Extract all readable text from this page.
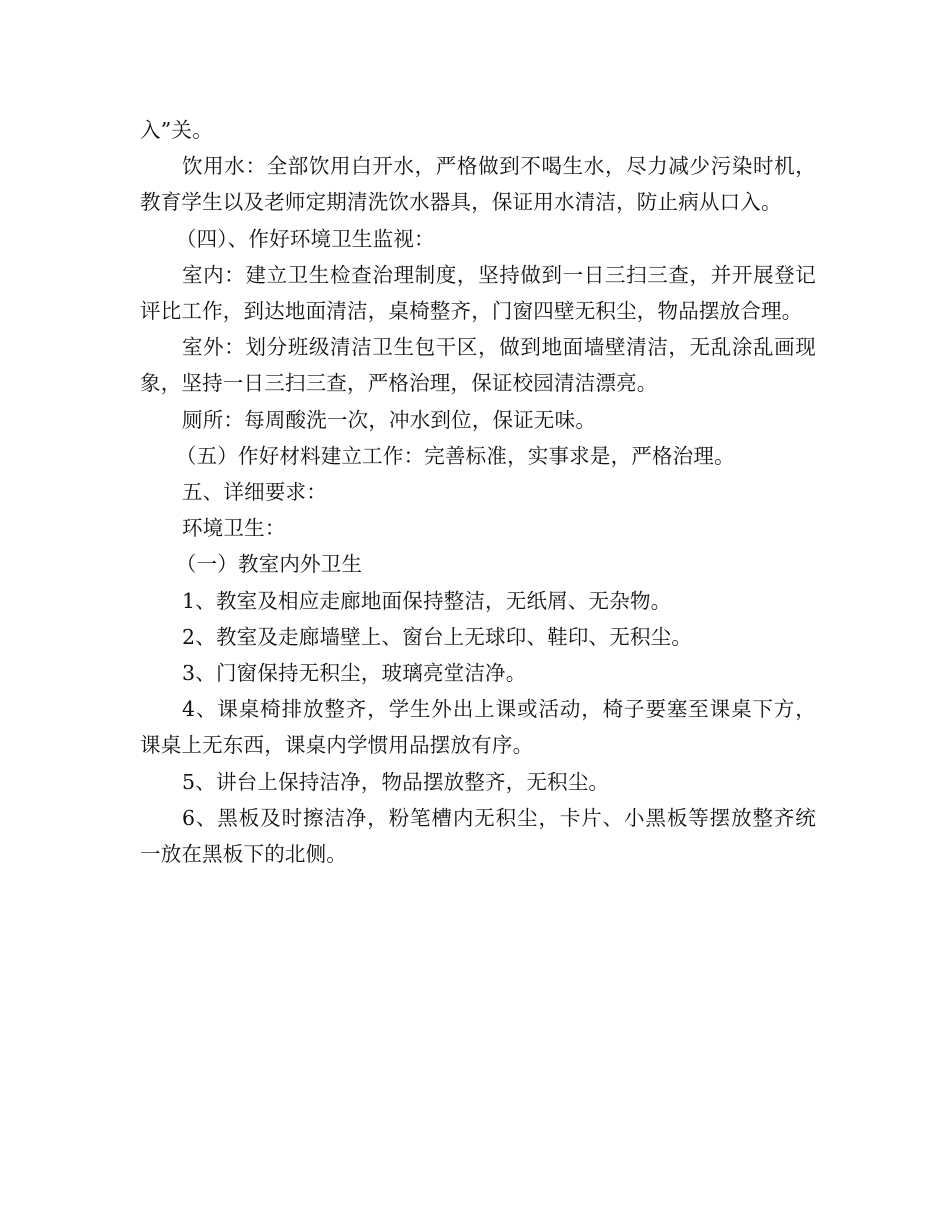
入”关。

饮用水：全部饮用白开水，严格做到不喝生水，尽力减少污染时机，教育学生以及老师定期清洗饮水器具，保证用水清洁，防止病从口入。

（四）、作好环境卫生监视：

室内：建立卫生检查治理制度，坚持做到一日三扫三查，并开展登记评比工作，到达地面清洁，桌椅整齐，门窗四壁无积尘，物品摆放合理。

室外：划分班级清洁卫生包干区，做到地面墙壁清洁，无乱涂乱画现象，坚持一日三扫三查，严格治理，保证校园清洁漂亮。

厕所：每周酸洗一次，冲水到位，保证无味。

（五）作好材料建立工作：完善标准，实事求是，严格治理。

五、详细要求：

环境卫生：

（一）教室内外卫生

1、教室及相应走廊地面保持整洁，无纸屑、无杂物。

2、教室及走廊墙壁上、窗台上无球印、鞋印、无积尘。

3、门窗保持无积尘，玻璃亮堂洁净。

4、课桌椅排放整齐，学生外出上课或活动，椅子要塞至课桌下方，课桌上无东西，课桌内学惯用品摆放有序。

5、讲台上保持洁净，物品摆放整齐，无积尘。

6、黑板及时擦洁净，粉笔槽内无积尘，卡片、小黑板等摆放整齐统一放在黑板下的北侧。
